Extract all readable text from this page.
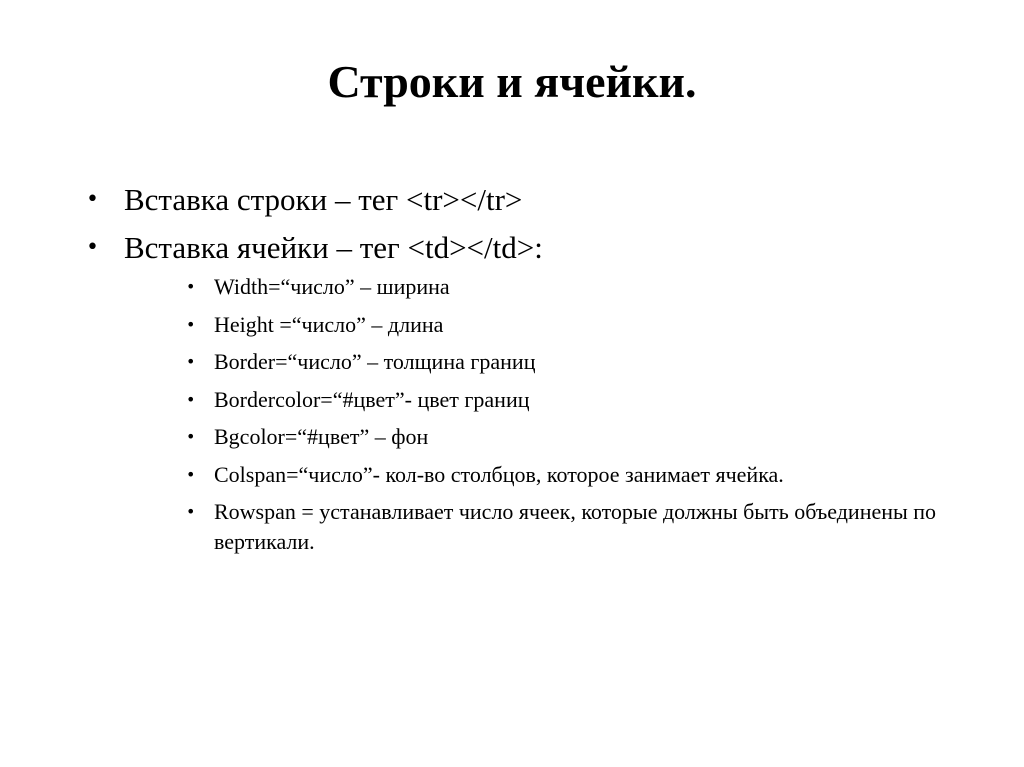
Строки и ячейки.
• Вставка строки – тег <tr></tr>
• Вставка ячейки – тег <td></td>:
• Width=“число” – ширина
• Height =“число” – длина
• Border=“число” – толщина границ
• Bordercolor=“#цвет”- цвет границ
• Bgcolor=“#цвет” – фон
• Colspan=“число”- кол-во столбцов, которое занимает ячейка.
• Rowspan = устанавливает число ячеек, которые должны быть объединены по вертикали.
